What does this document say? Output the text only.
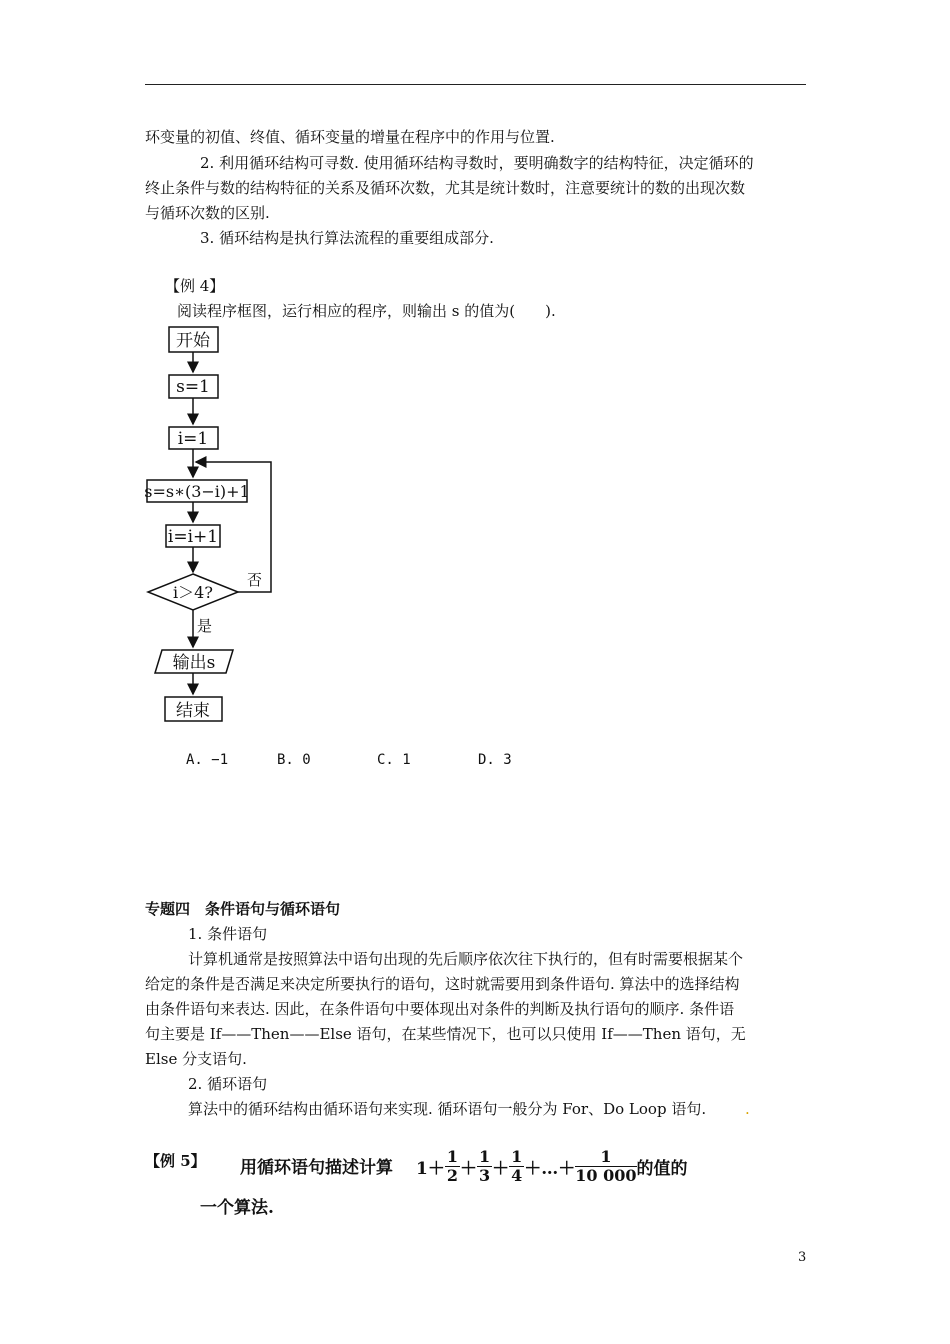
环变量的初值、终值、循环变量的增量在程序中的作用与位置.
2. 利用循环结构可寻数. 使用循环结构寻数时，要明确数字的结构特征，决定循环的
终止条件与数的结构特征的关系及循环次数，尤其是统计数时，注意要统计的数的出现次数
与循环次数的区别.
3. 循环结构是执行算法流程的重要组成部分.
【例 4】
阅读程序框图，运行相应的程序，则输出 s 的值为(　　).
开始
s=1
i=1
s=s∗(3−i)+1
i=i+1
i＞4?
否
是
输出s
结束
A. −1	B. 0	C. 1	D. 3
专题四　条件语句与循环语句
1. 条件语句
计算机通常是按照算法中语句出现的先后顺序依次往下执行的，但有时需要根据某个
给定的条件是否满足来决定所要执行的语句，这时就需要用到条件语句. 算法中的选择结构
由条件语句来表达. 因此，在条件语句中要体现出对条件的判断及执行语句的顺序. 条件语
句主要是 If——Then——Else 语句，在某些情况下，也可以只使用 If——Then 语句，无
Else 分支语句.
2. 循环语句
算法中的循环结构由循环语句来实现. 循环语句一般分为 For、Do Loop 语句.	.
【例 5】 用循环语句描述计算 $1+ \frac{1}{2} + \frac{1}{3} + \frac{1}{4}$ ＋…＋ $\frac{1}{10 000}$ 的值的
一个算法.
3
